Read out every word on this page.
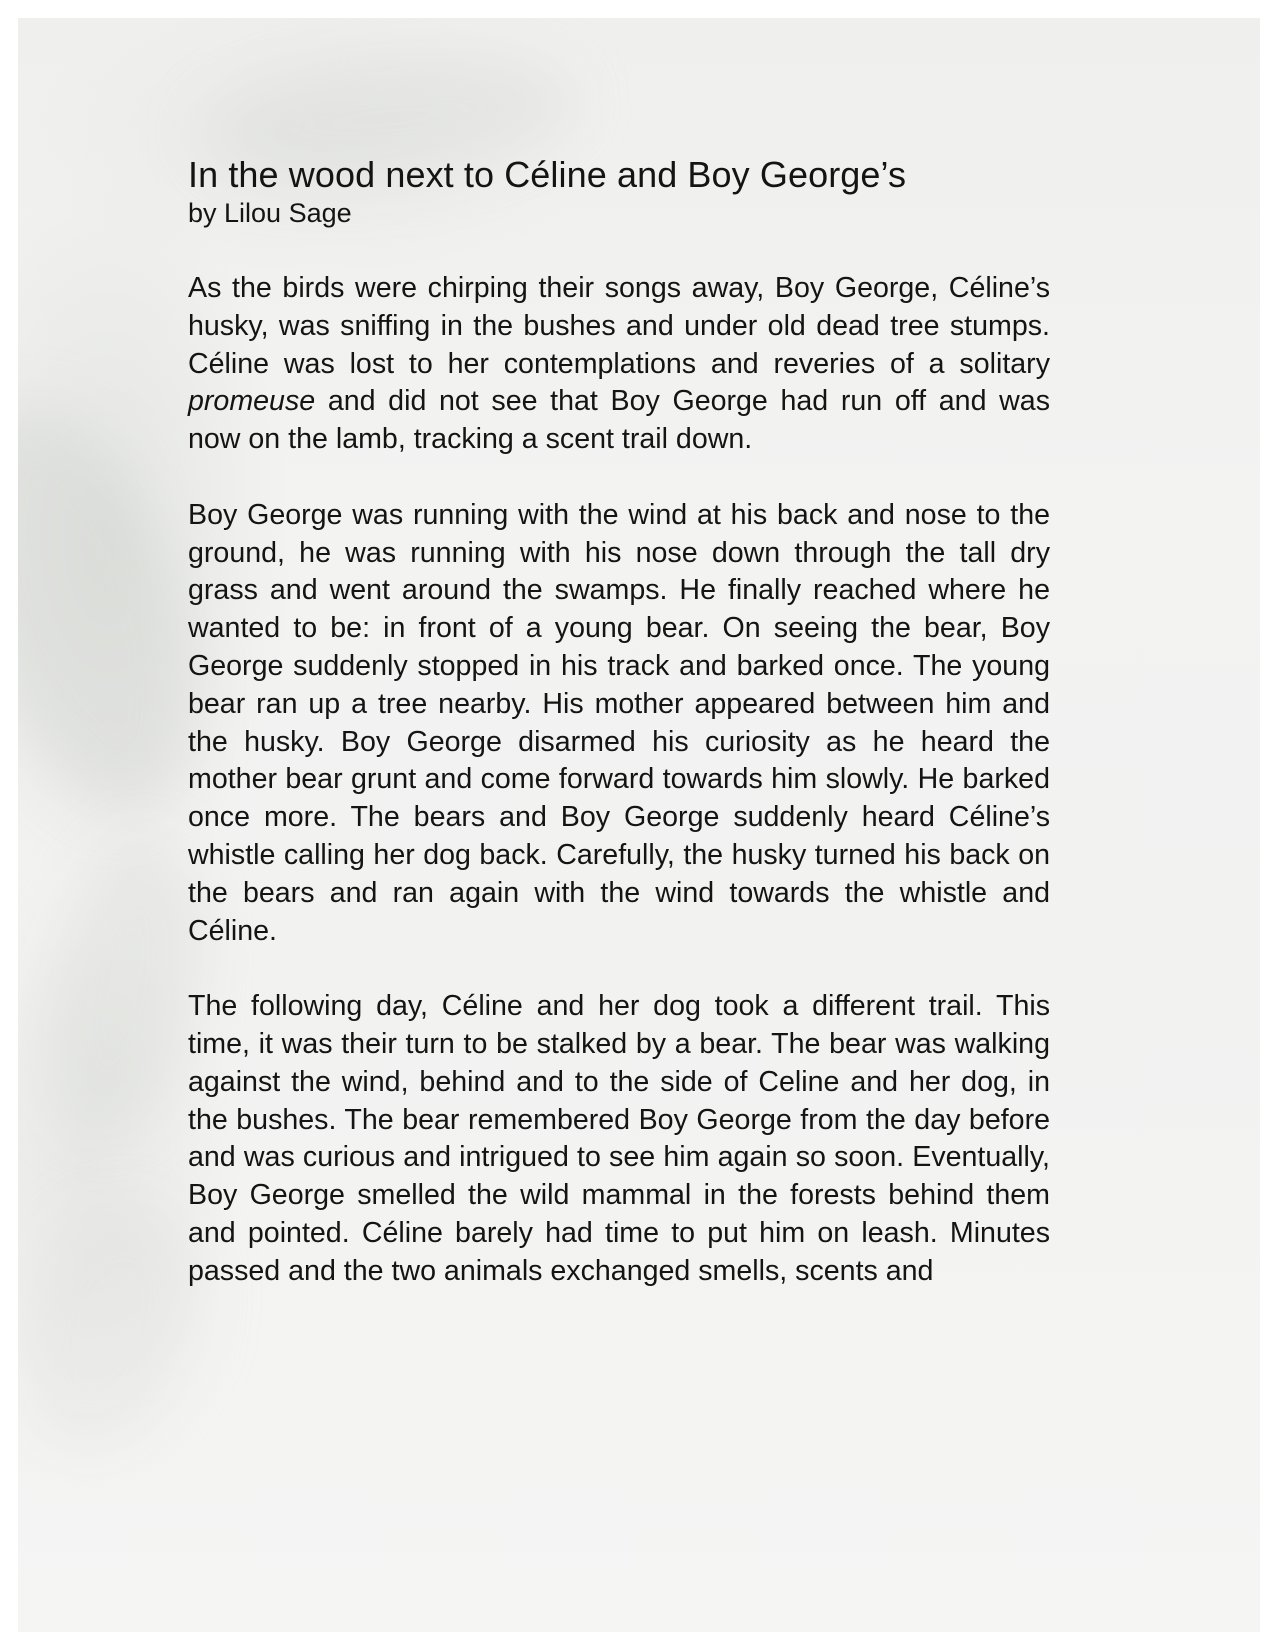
In the wood next to Céline and Boy George’s
by Lilou Sage

As the birds were chirping their songs away, Boy George, Céline’s husky, was sniffing in the bushes and under old dead tree stumps. Céline was lost to her contemplations and reveries of a solitary promeuse and did not see that Boy George had run off and was now on the lamb, tracking a scent trail down.

Boy George was running with the wind at his back and nose to the ground, he was running with his nose down through the tall dry grass and went around the swamps. He finally reached where he wanted to be: in front of a young bear. On seeing the bear, Boy George suddenly stopped in his track and barked once. The young bear ran up a tree nearby. His mother appeared between him and the husky. Boy George disarmed his curiosity as he heard the mother bear grunt and come forward towards him slowly. He barked once more. The bears and Boy George suddenly heard Céline’s whistle calling her dog back. Carefully, the husky turned his back on the bears and ran again with the wind towards the whistle and Céline.

The following day, Céline and her dog took a different trail. This time, it was their turn to be stalked by a bear. The bear was walking against the wind, behind and to the side of Celine and her dog, in the bushes. The bear remembered Boy George from the day before and was curious and intrigued to see him again so soon. Eventually, Boy George smelled the wild mammal in the forests behind them and pointed. Céline barely had time to put him on leash. Minutes passed and the two animals exchanged smells, scents and
